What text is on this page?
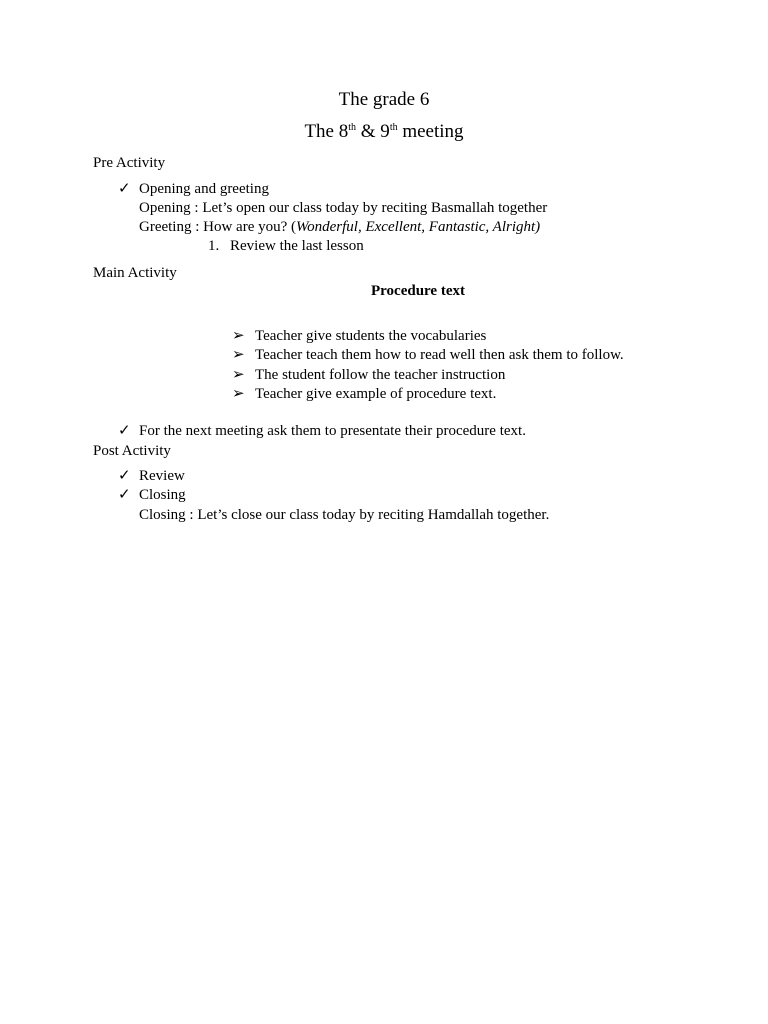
The grade 6
The 8th & 9th meeting
Pre Activity
✓ Opening and greeting
Opening : Let’s open our class today by reciting Basmallah together
Greeting : How are you? (Wonderful, Excellent, Fantastic, Alright)
1. Review the last lesson
Main Activity
Procedure text
➢ Teacher give students the vocabularies
➢ Teacher teach them how to read well then ask them to follow.
➢ The student follow the teacher instruction
➢ Teacher give example of procedure text.
✓ For the next meeting ask them to presentate their procedure text.
Post Activity
✓ Review
✓ Closing
Closing : Let’s close our class today by reciting Hamdallah together.
